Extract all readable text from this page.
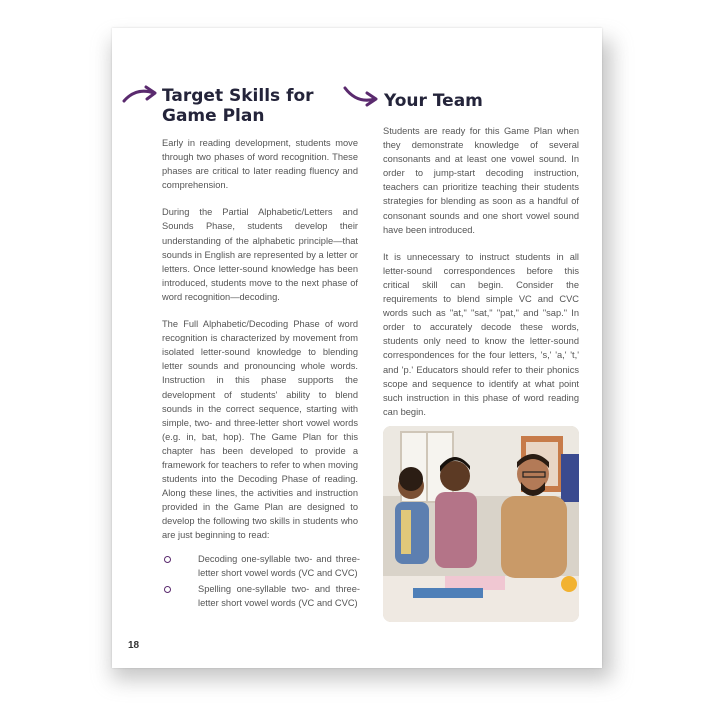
Target Skills for
Game Plan
Your Team

Early in reading development, students move through two phases of word recognition. These phases are critical to later reading fluency and comprehension.

During the Partial Alphabetic/Letters and Sounds Phase, students develop their understanding of the alphabetic principle—that sounds in English are represented by a letter or letters. Once letter-sound knowledge has been introduced, students move to the next phase of word recognition—decoding.

The Full Alphabetic/Decoding Phase of word recognition is characterized by movement from isolated letter-sound knowledge to blending letter sounds and pronouncing whole words. Instruction in this phase supports the development of students' ability to blend sounds in the correct sequence, starting with simple, two- and three-letter short vowel words (e.g. in, bat, hop). The Game Plan for this chapter has been developed to provide a framework for teachers to refer to when moving students into the Decoding Phase of reading. Along these lines, the activities and instruction provided in the Game Plan are designed to develop the following two skills in students who are just beginning to read:

Decoding one-syllable two- and three-letter short vowel words (VC and CVC)
Spelling one-syllable two- and three-letter short vowel words (VC and CVC)

Students are ready for this Game Plan when they demonstrate knowledge of several consonants and at least one vowel sound. In order to jump-start decoding instruction, teachers can prioritize teaching their students strategies for blending as soon as a handful of consonant sounds and one short vowel sound have been introduced.

It is unnecessary to instruct students in all letter-sound correspondences before this critical skill can begin. Consider the requirements to blend simple VC and CVC words such as "at," "sat," "pat," and "sap." In order to accurately decode these words, students only need to know the letter-sound correspondences for the four letters, 's,' 'a,' 't,' and 'p.' Educators should refer to their phonics scope and sequence to identify at what point such instruction in this phase of word reading can begin.

18
